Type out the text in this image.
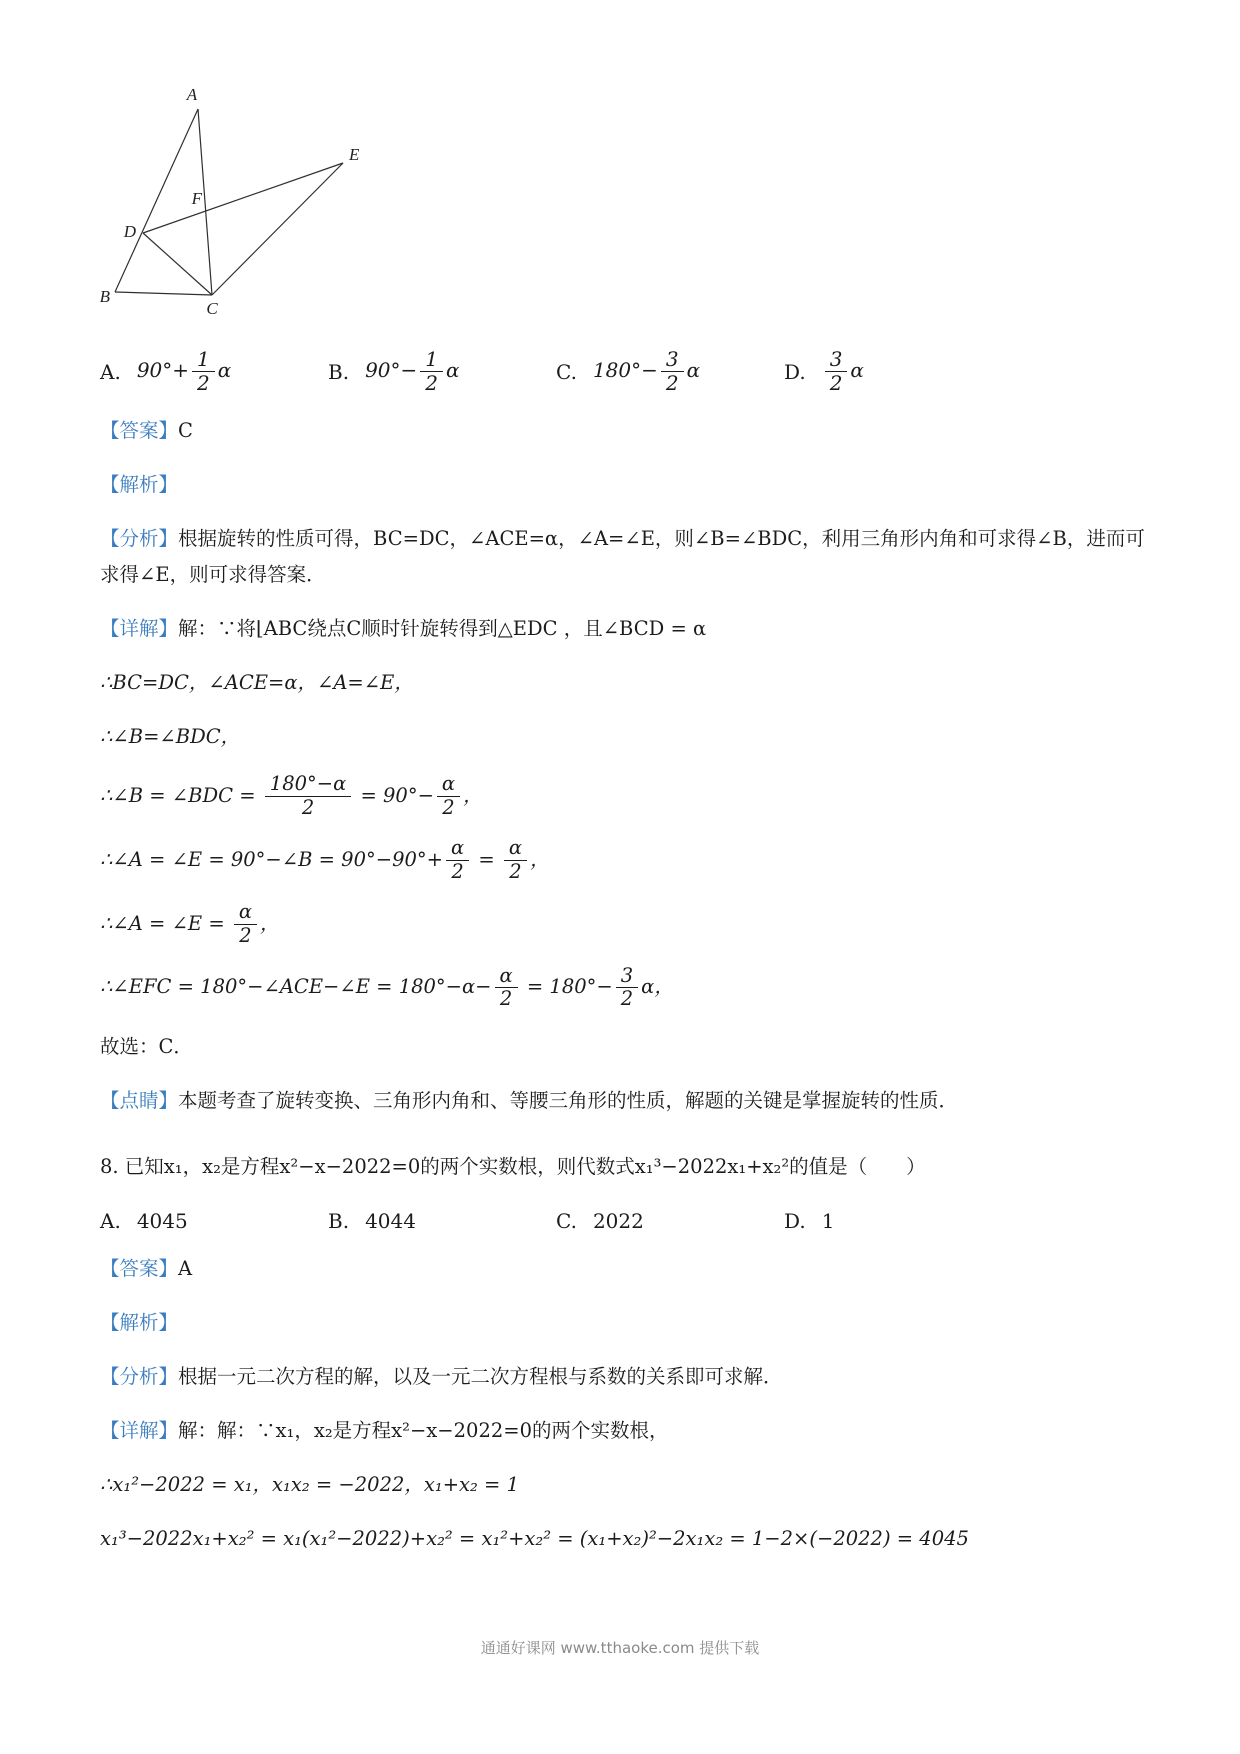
A
E
F
D
B
C
A. $90^\circ+ \frac{1}{2}$ α	B. $90^\circ- \frac{1}{2}$ α	C. $180^\circ- \frac{3}{2}$ α	D. $\frac{3}{2}$ α

【答案】C

【解析】

【分析】根据旋转的性质可得，BC=DC，∠ACE=α，∠A=∠E，则∠B=∠BDC，利用三角形内角和可求得∠B，进而可求得∠E，则可求得答案．

【详解】解：∵将⌊ABC绕点C顺时针旋转得到△EDC ，且∠BCD = α

∴BC=DC，∠ACE=α，∠A=∠E，

∴∠B=∠BDC，

∴∠B = ∠BDC = $\frac{180^\circ-\alpha}{2} = 90^\circ- \frac{\alpha}{2}$ ，

∴∠A = ∠E = 90°−∠B = $90^\circ-90^\circ+ \frac{\alpha}{2} = \frac{\alpha}{2}$ ，

∴∠A = ∠E = $\frac{\alpha}{2}$ ，

∴∠EFC = 180°−∠ACE−∠E = $180^\circ-\alpha- \frac{\alpha}{2} = 180^\circ- \frac{3}{2}$ α，

故选：C．

【点睛】本题考查了旋转变换、三角形内角和、等腰三角形的性质，解题的关键是掌握旋转的性质．

8. 已知x₁，x₂是方程x²−x−2022=0的两个实数根，则代数式x₁³−2022x₁+x₂²的值是（　　）

A. 4045	B. 4044	C. 2022	D. 1

【答案】A

【解析】

【分析】根据一元二次方程的解，以及一元二次方程根与系数的关系即可求解．

【详解】解：解：∵x₁，x₂是方程x²−x−2022=0的两个实数根，

∴x₁²−2022 = x₁，x₁x₂ = −2022，x₁+x₂ = 1

x₁³−2022x₁+x₂² = x₁(x₁²−2022)+x₂² = x₁²+x₂² = (x₁+x₂)²−2x₁x₂ = 1−2×(−2022) = 4045

通通好课网 www.tthaoke.com 提供下载
